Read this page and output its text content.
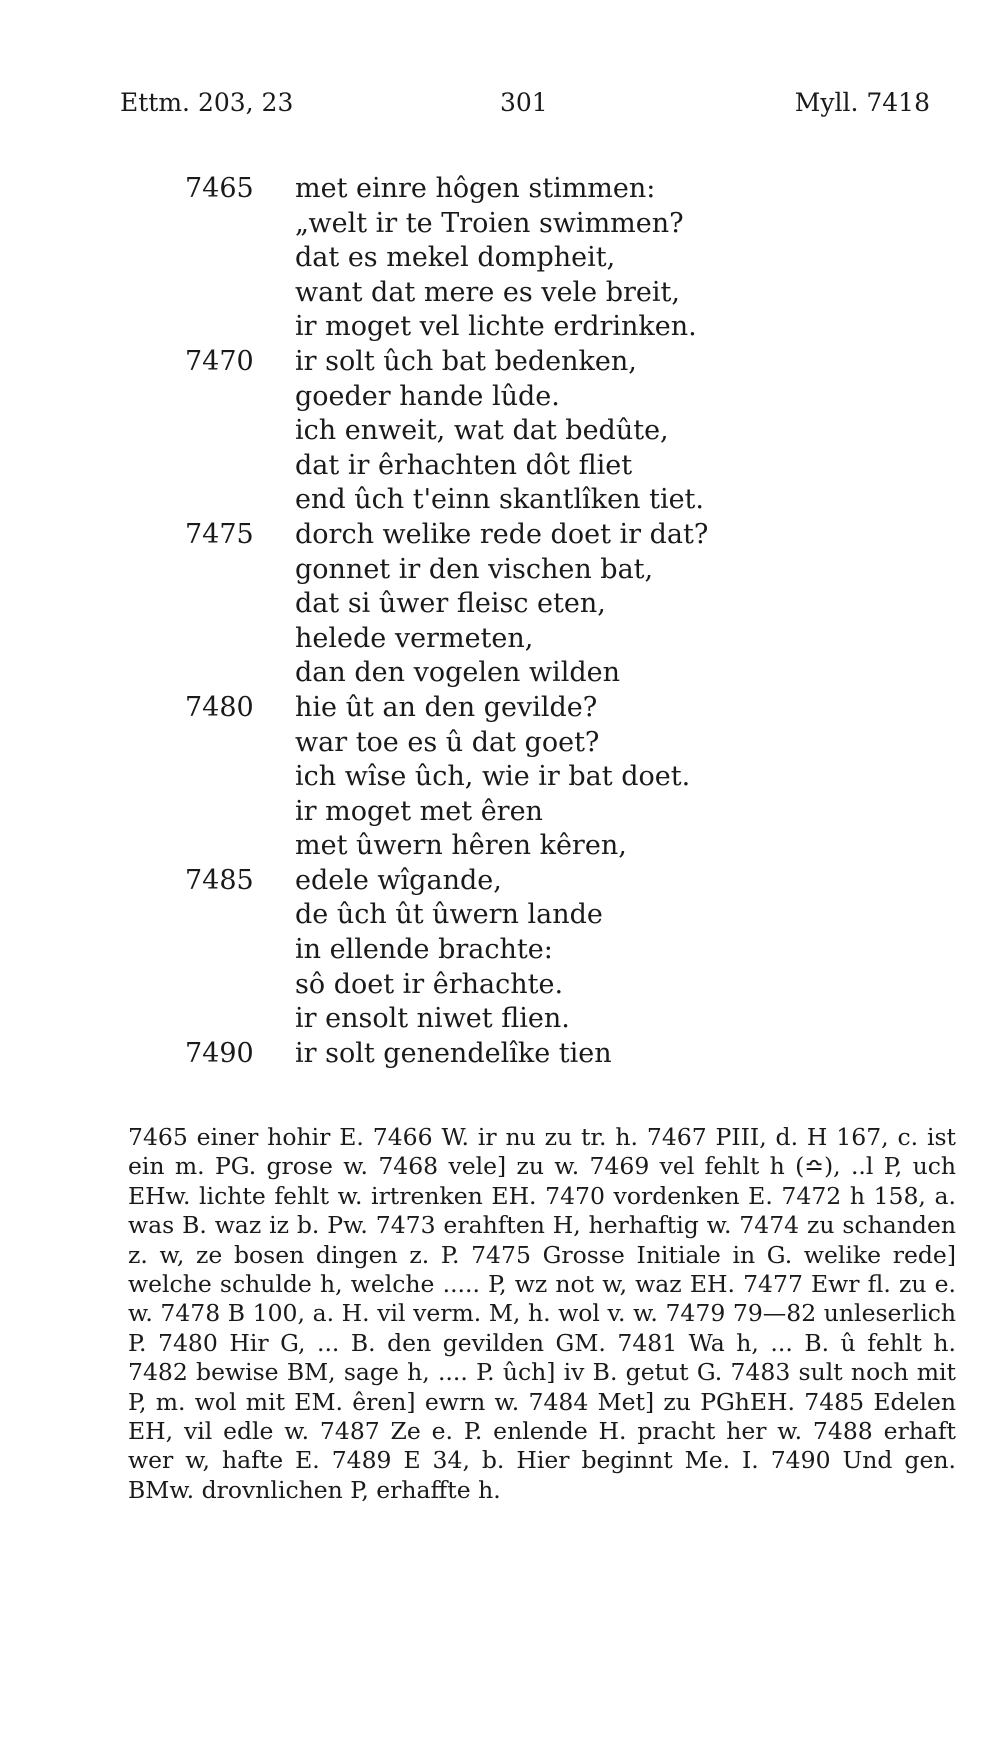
Ettm. 203, 23	301	Myll. 7418
7465	met einre hôgen stimmen:
„welt ir te Troien swimmen?
dat es mekel dompheit,
want dat mere es vele breit,
ir moget vel lichte erdrinken.
7470	ir solt ûch bat bedenken,
goeder hande lûde.
ich enweit, wat dat bedûte,
dat ir êrhachten dôt fliet
end ûch t'einn skantlîken tiet.
7475	dorch welike rede doet ir dat?
gonnet ir den vischen bat,
dat si ûwer fleisc eten,
helede vermeten,
dan den vogelen wilden
7480	hie ût an den gevilde?
war toe es û dat goet?
ich wîse ûch, wie ir bat doet.
ir moget met êren
met ûwern hêren kêren,
7485	edele wîgande,
de ûch ût ûwern lande
in ellende brachte:
sô doet ir êrhachte.
ir ensolt niwet flien.
7490	ir solt genendelîke tien
7465 einer hohir E. 7466 W. ir nu zu tr. h. 7467 PIII, d. H 167, c. ist ein m. PG. grose w. 7468 vele] zu w. 7469 vel fehlt h (≏), ..l P, uch EHw. lichte fehlt w. irtrenken EH. 7470 vordenken E. 7472 h 158, a. was B. waz iz b. Pw. 7473 erahften H, herhaftig w. 7474 zu schanden z. w, ze bosen dingen z. P. 7475 Grosse Initiale in G. welike rede] welche schulde h, welche ..... P, wz not w, waz EH. 7477 Ewr fl. zu e. w. 7478 B 100, a. H. vil verm. M, h. wol v. w. 7479 79—82 unleserlich P. 7480 Hir G, ... B. den gevilden GM. 7481 Wa h, ... B. û fehlt h. 7482 bewise BM, sage h, .... P. ûch] iv B. getut G. 7483 sult noch mit P, m. wol mit EM. êren] ewrn w. 7484 Met] zu PGhEH. 7485 Edelen EH, vil edle w. 7487 Ze e. P. enlende H. pracht her w. 7488 erhaft wer w, hafte E. 7489 E 34, b. Hier beginnt Me. I. 7490 Und gen. BMw. drovnlichen P, erhaffte h.
